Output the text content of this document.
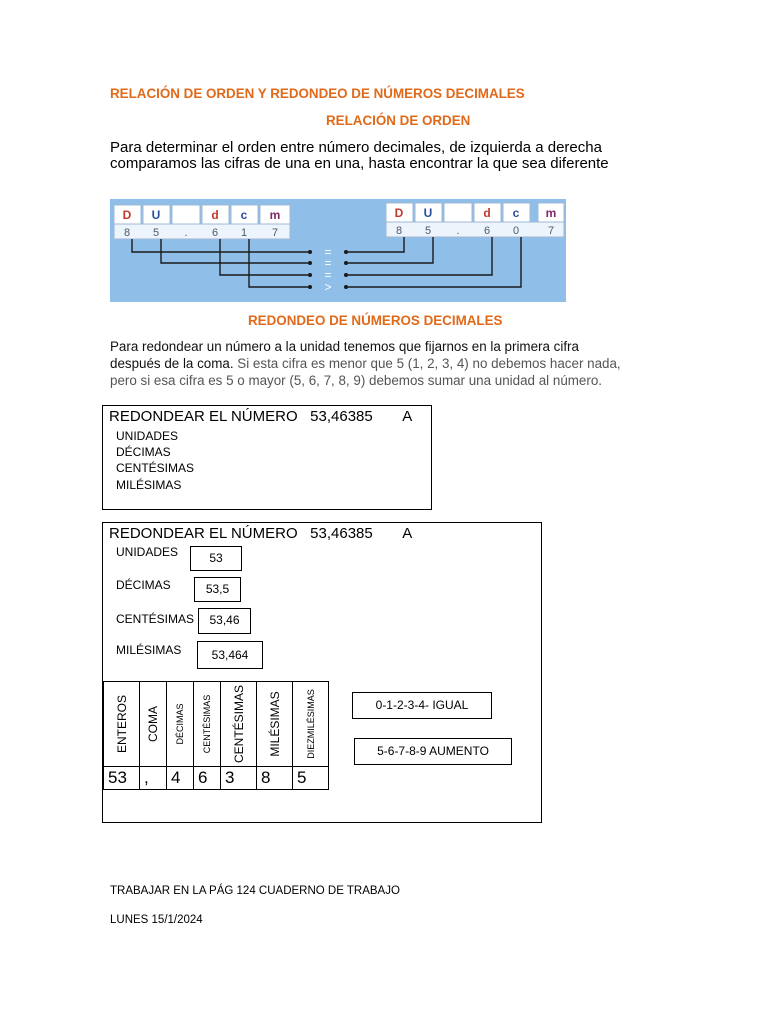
RELACIÓN DE ORDEN Y REDONDEO DE NÚMEROS DECIMALES
RELACIÓN DE ORDEN
Para determinar el orden entre número decimales, de izquierda a derecha
comparamos las cifras de una en una, hasta encontrar la que sea diferente
D U	d c m
8 5 . 6 1 7
D U	d c m
8 5 . 6 0	7
=
=
=
>
REDONDEO DE NÚMEROS DECIMALES
Para redondear un número a la unidad tenemos que fijarnos en la primera cifra
después de la coma. Si esta cifra es menor que 5 (1, 2, 3, 4) no debemos hacer nada,
pero si esa cifra es 5 o mayor (5, 6, 7, 8, 9) debemos sumar una unidad al número.
REDONDEAR EL NÚMERO 53,46385 A
UNIDADES
DÉCIMAS
CENTÉSIMAS
MILÉSIMAS
REDONDEAR EL NÚMERO 53,46385 A
UNIDADES	53
DÉCIMAS	53,5
CENTÉSIMAS	53,46
MILÉSIMAS	53,464
ENTEROS	COMA	DÉCIMAS	CENTÉSIMAS	CENTÉSIMAS	MILÉSIMAS	DIEZMILÉSIMAS

53	,	4	6	3	8	5
0-1-2-3-4- IGUAL
5-6-7-8-9 AUMENTO
TRABAJAR EN LA PÁG 124 CUADERNO DE TRABAJO
LUNES 15/1/2024
